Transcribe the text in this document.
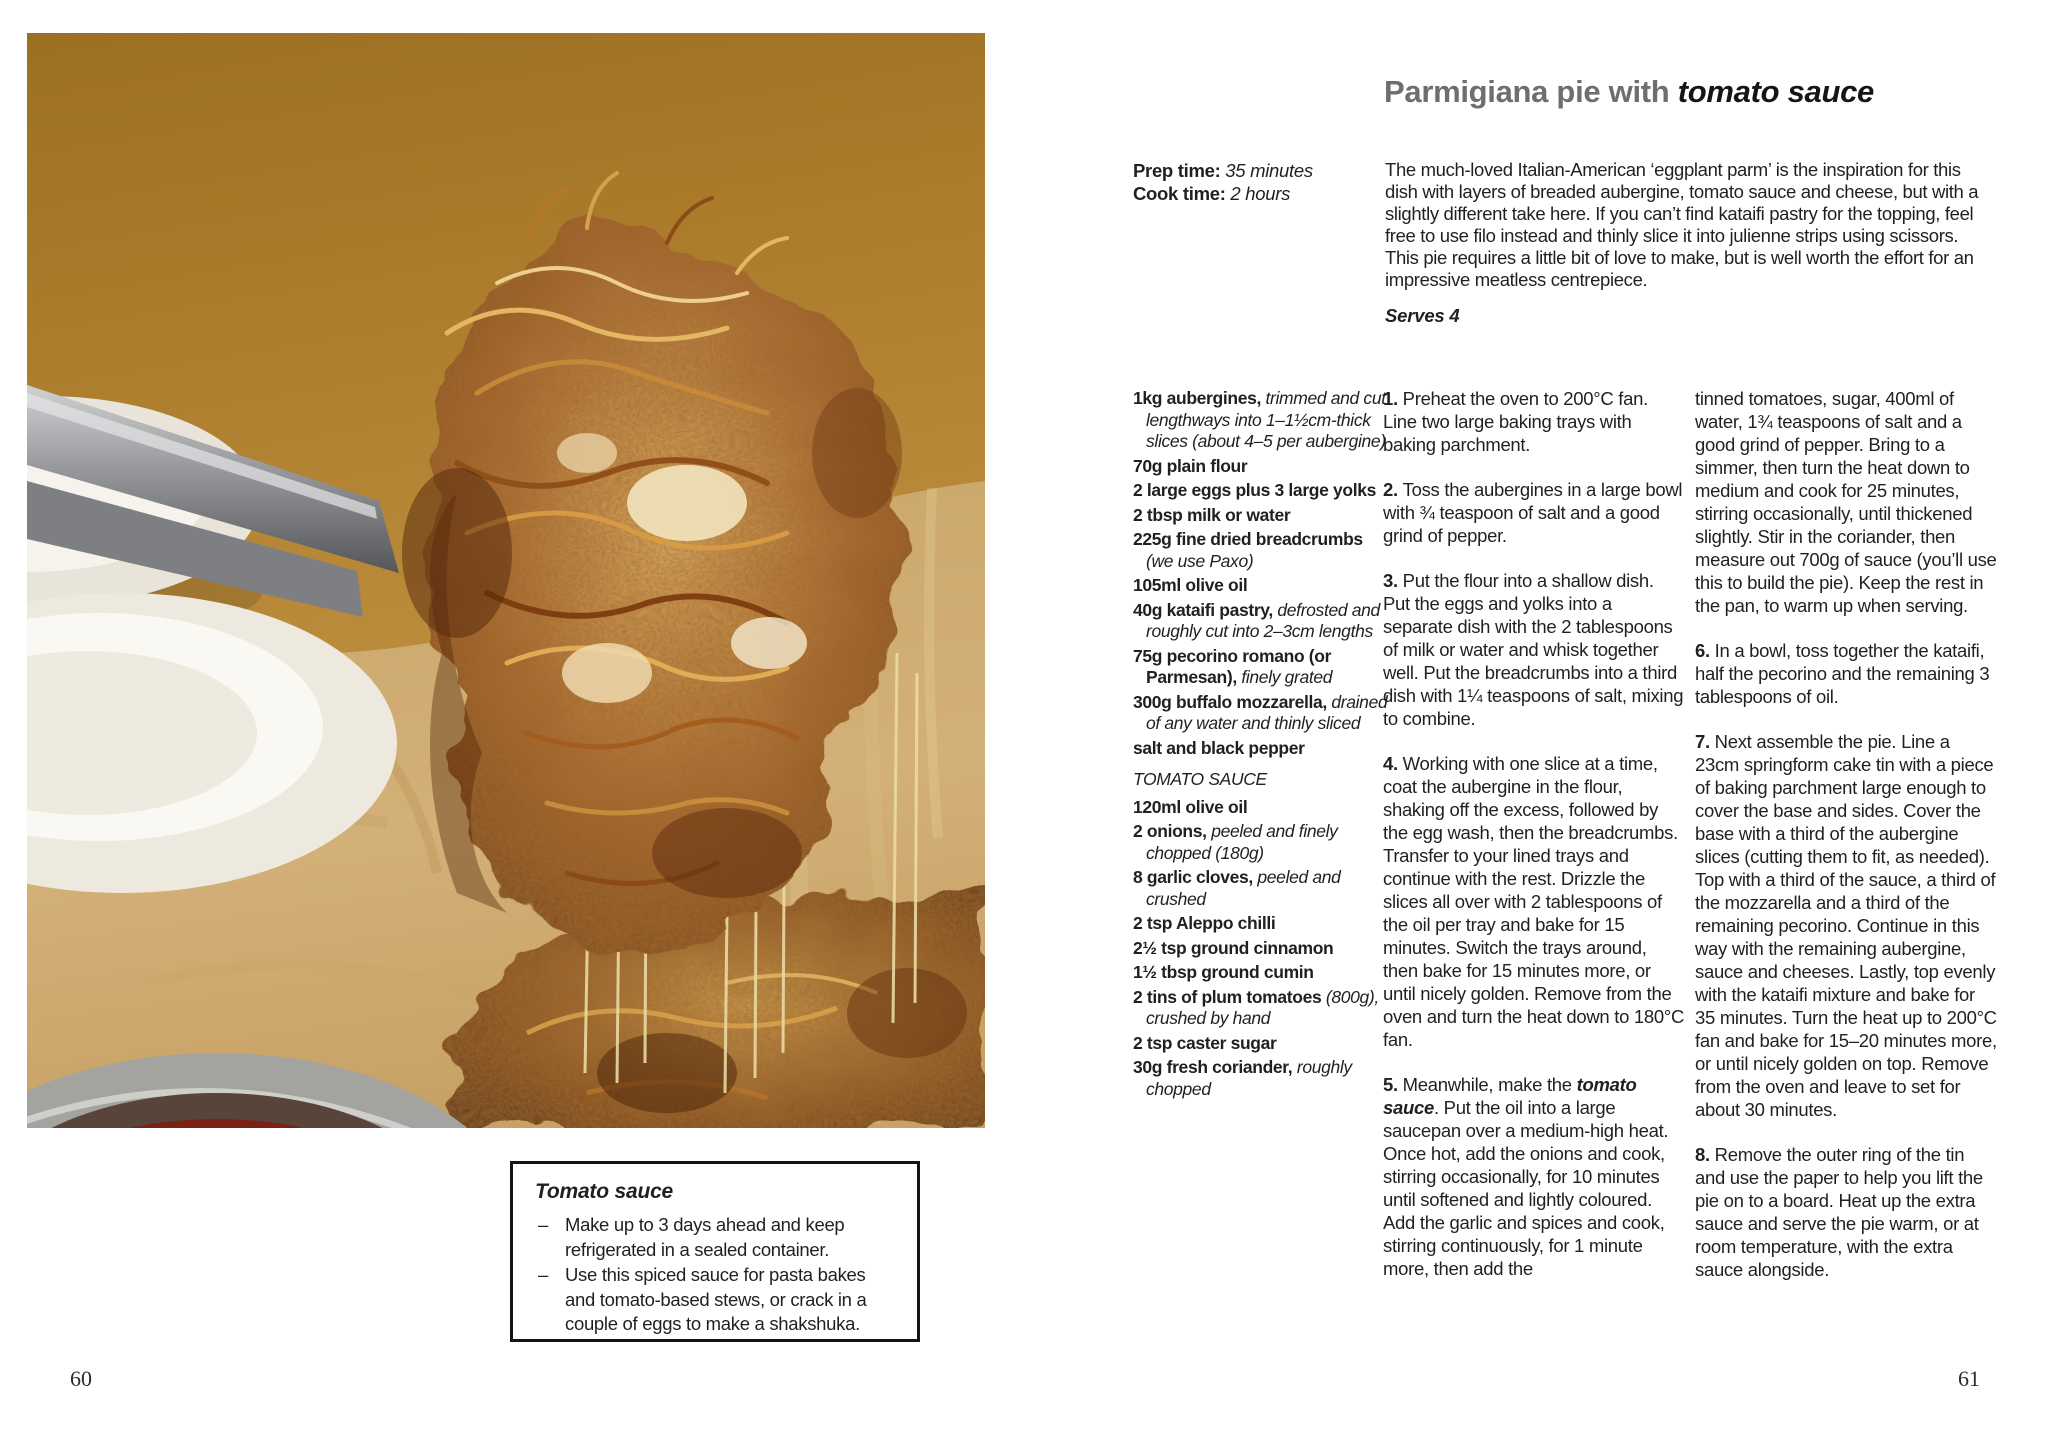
Tomato sauce
– Make up to 3 days ahead and keep refrigerated in a sealed container.
– Use this spiced sauce for pasta bakes and tomato-based stews, or crack in a couple of eggs to make a shakshuka.
60	61
Parmigiana pie with tomato sauce
Prep time: 35 minutes
Cook time: 2 hours

The much-loved Italian-American ‘eggplant parm’ is the inspiration for this dish with layers of breaded aubergine, tomato sauce and cheese, but with a slightly different take here. If you can’t find kataifi pastry for the topping, feel free to use filo instead and thinly slice it into julienne strips using scissors. This pie requires a little bit of love to make, but is well worth the effort for an impressive meatless centrepiece.

Serves 4
1kg aubergines, trimmed and cut lengthways into 1–1½cm-thick slices (about 4–5 per aubergine)
70g plain flour
2 large eggs plus 3 large yolks
2 tbsp milk or water
225g fine dried breadcrumbs (we use Paxo)
105ml olive oil
40g kataifi pastry, defrosted and roughly cut into 2–3cm lengths
75g pecorino romano (or Parmesan), finely grated
300g buffalo mozzarella, drained of any water and thinly sliced
salt and black pepper
TOMATO SAUCE
120ml olive oil
2 onions, peeled and finely chopped (180g)
8 garlic cloves, peeled and crushed
2 tsp Aleppo chilli
2½ tsp ground cinnamon
1½ tbsp ground cumin
2 tins of plum tomatoes (800g), crushed by hand
2 tsp caster sugar
30g fresh coriander, roughly chopped
1. Preheat the oven to 200°C fan. Line two large baking trays with baking parchment.
2. Toss the aubergines in a large bowl with ¾ teaspoon of salt and a good grind of pepper.
3. Put the flour into a shallow dish. Put the eggs and yolks into a separate dish with the 2 tablespoons of milk or water and whisk together well. Put the breadcrumbs into a third dish with 1¼ teaspoons of salt, mixing to combine.
4. Working with one slice at a time, coat the aubergine in the flour, shaking off the excess, followed by the egg wash, then the breadcrumbs. Transfer to your lined trays and continue with the rest. Drizzle the slices all over with 2 tablespoons of the oil per tray and bake for 15 minutes. Switch the trays around, then bake for 15 minutes more, or until nicely golden. Remove from the oven and turn the heat down to 180°C fan.
5. Meanwhile, make the tomato sauce. Put the oil into a large saucepan over a medium-high heat. Once hot, add the onions and cook, stirring occasionally, for 10 minutes until softened and lightly coloured. Add the garlic and spices and cook, stirring continuously, for 1 minute more, then add the
tinned tomatoes, sugar, 400ml of water, 1¾ teaspoons of salt and a good grind of pepper. Bring to a simmer, then turn the heat down to medium and cook for 25 minutes, stirring occasionally, until thickened slightly. Stir in the coriander, then measure out 700g of sauce (you’ll use this to build the pie). Keep the rest in the pan, to warm up when serving.
6. In a bowl, toss together the kataifi, half the pecorino and the remaining 3 tablespoons of oil.
7. Next assemble the pie. Line a 23cm springform cake tin with a piece of baking parchment large enough to cover the base and sides. Cover the base with a third of the aubergine slices (cutting them to fit, as needed). Top with a third of the sauce, a third of the mozzarella and a third of the remaining pecorino. Continue in this way with the remaining aubergine, sauce and cheeses. Lastly, top evenly with the kataifi mixture and bake for 35 minutes. Turn the heat up to 200°C fan and bake for 15–20 minutes more, or until nicely golden on top. Remove from the oven and leave to set for about 30 minutes.
8. Remove the outer ring of the tin and use the paper to help you lift the pie on to a board. Heat up the extra sauce and serve the pie warm, or at room temperature, with the extra sauce alongside.
